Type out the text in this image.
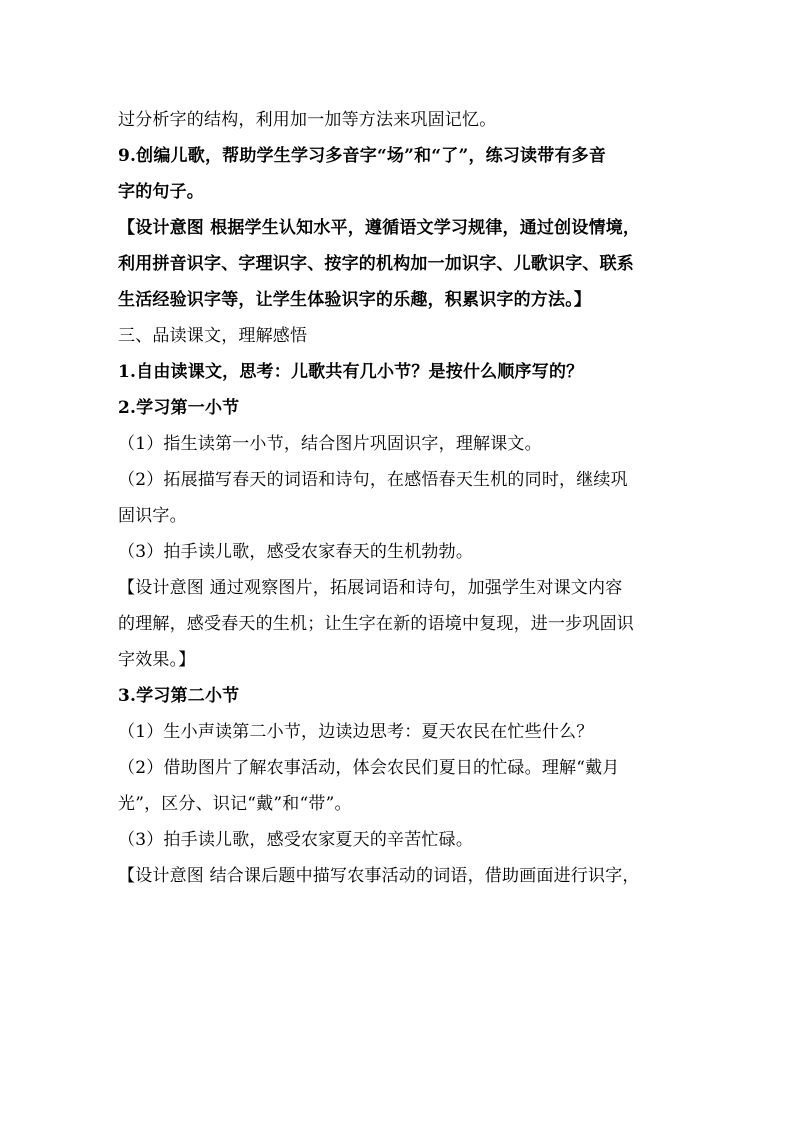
过分析字的结构，利用加一加等方法来巩固记忆。
9.创编儿歌，帮助学生学习多音字“场”和“了”，练习读带有多音
字的句子。
【设计意图 根据学生认知水平，遵循语文学习规律，通过创设情境，
利用拼音识字、字理识字、按字的机构加一加识字、儿歌识字、联系
生活经验识字等，让学生体验识字的乐趣，积累识字的方法。】
三、品读课文，理解感悟
1.自由读课文，思考：儿歌共有几小节？是按什么顺序写的？
2.学习第一小节
（1）指生读第一小节，结合图片巩固识字，理解课文。
（2）拓展描写春天的词语和诗句，在感悟春天生机的同时，继续巩
固识字。
（3）拍手读儿歌，感受农家春天的生机勃勃。
【设计意图 通过观察图片，拓展词语和诗句，加强学生对课文内容
的理解，感受春天的生机；让生字在新的语境中复现，进一步巩固识
字效果。】
3.学习第二小节
（1）生小声读第二小节，边读边思考：夏天农民在忙些什么？
（2）借助图片了解农事活动，体会农民们夏日的忙碌。理解“戴月
光”，区分、识记“戴”和“带”。
（3）拍手读儿歌，感受农家夏天的辛苦忙碌。
【设计意图 结合课后题中描写农事活动的词语，借助画面进行识字，
